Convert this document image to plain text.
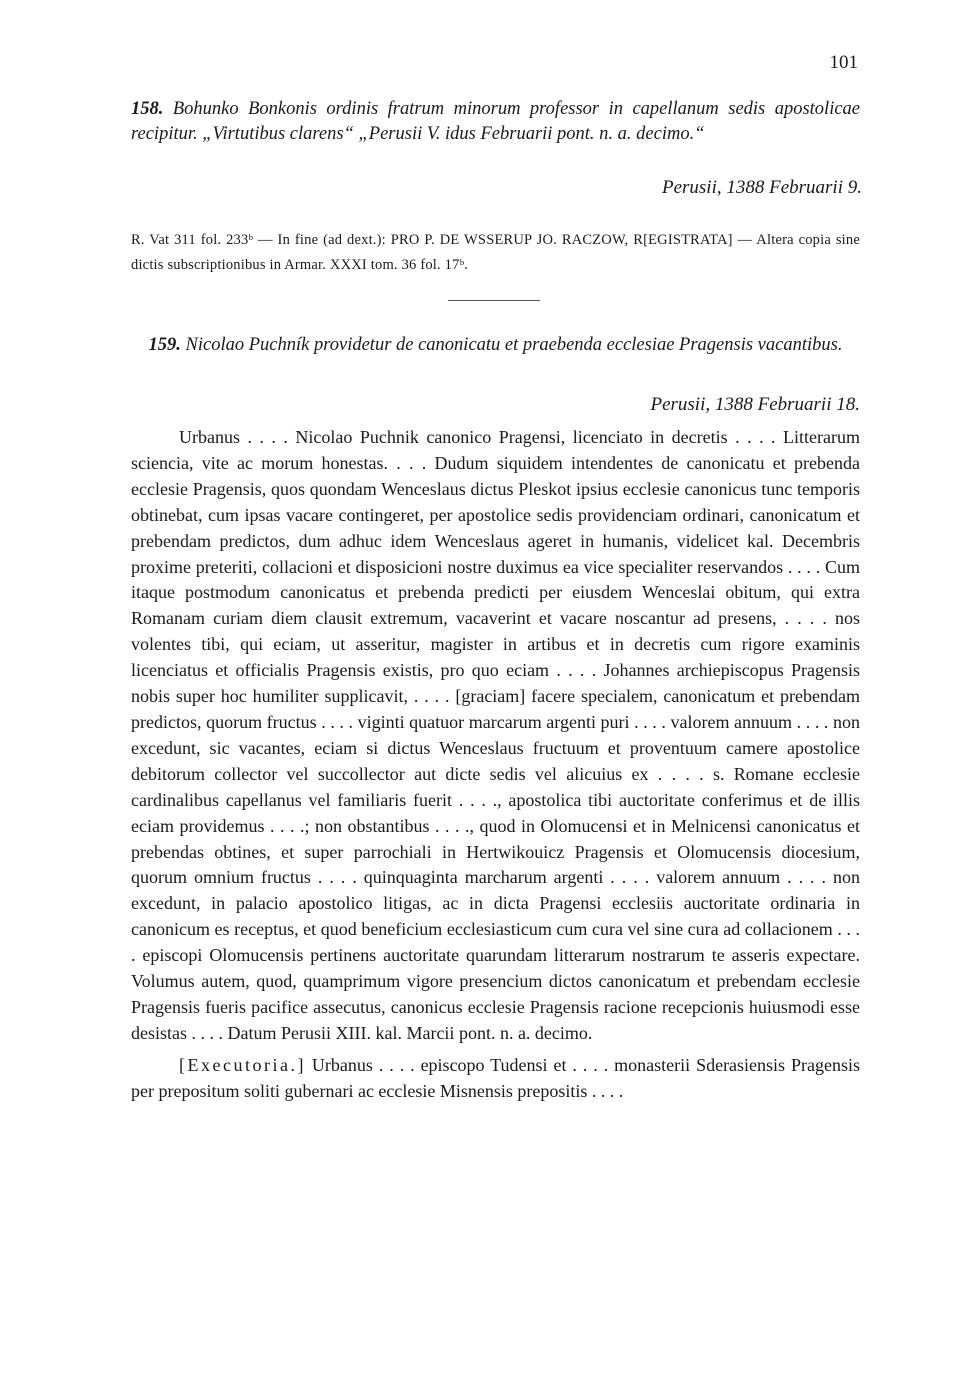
101
158. Bohunko Bonkonis ordinis fratrum minorum professor in capellanum sedis apostolicae recipitur. „Virtutibus clarens“ „Perusii V. idus Februarii pont. n. a. decimo.“
Perusii, 1388 Februarii 9.
R. Vat 311 fol. 233ᵇ — In fine (ad dext.): PRO P. DE WSSERUP JO. RACZOW, R[EGISTRATA] — Altera copia sine dictis subscriptionibus in Armar. XXXI tom. 36 fol. 17ᵇ.
159. Nicolao Puchník providetur de canonicatu et praebenda ecclesiae Pragensis vacantibus.
Perusii, 1388 Februarii 18.

Urbanus . . . . Nicolao Puchnik canonico Pragensi, licenciato in decretis . . . . Litterarum sciencia, vite ac morum honestas. . . . Dudum siquidem intendentes de canonicatu et prebenda ecclesie Pragensis, quos quondam Wenceslaus dictus Pleskot ipsius ecclesie canonicus tunc temporis obtinebat, cum ipsas vacare contingeret, per apostolice sedis providenciam ordinari, canonicatum et prebendam predictos, dum adhuc idem Wenceslaus ageret in humanis, videlicet kal. Decembris proxime preteriti, collacioni et disposicioni nostre duximus ea vice specialiter reservandos . . . . Cum itaque postmodum canonicatus et prebenda predicti per eiusdem Wenceslai obitum, qui extra Romanam curiam diem clausit extremum, vacaverint et vacare noscantur ad presens, . . . . nos volentes tibi, qui eciam, ut asseritur, magister in artibus et in decretis cum rigore examinis licenciatus et officialis Pragensis existis, pro quo eciam . . . . Johannes archiepiscopus Pragensis nobis super hoc humiliter supplicavit, . . . . [graciam] facere specialem, canonicatum et prebendam predictos, quorum fructus . . . . viginti quatuor marcarum argenti puri . . . . valorem annuum . . . . non excedunt, sic vacantes, eciam si dictus Wenceslaus fructuum et proventuum camere apostolice debitorum collector vel succollector aut dicte sedis vel alicuius ex . . . . s. Romane ecclesie cardinalibus capellanus vel familiaris fuerit . . . ., apostolica tibi auctoritate conferimus et de illis eciam providemus . . . .; non obstantibus . . . ., quod in Olomucensi et in Melnicensi canonicatus et prebendas obtines, et super parrochiali in Hertwikouicz Pragensis et Olomucensis diocesium, quorum omnium fructus . . . . quinquaginta marcharum argenti . . . . valorem annuum . . . . non excedunt, in palacio apostolico litigas, ac in dicta Pragensi ecclesiis auctoritate ordinaria in canonicum es receptus, et quod beneficium ecclesiasticum cum cura vel sine cura ad collacionem . . . . episcopi Olomucensis pertinens auctoritate quarundam litterarum nostrarum te asseris expectare. Volumus autem, quod, quamprimum vigore presencium dictos canonicatum et prebendam ecclesie Pragensis fueris pacifice assecutus, canonicus ecclesie Pragensis racione recepcionis huiusmodi esse desistas . . . . Datum Perusii XIII. kal. Marcii pont. n. a. decimo.

[Executoria.] Urbanus . . . . episcopo Tudensi et . . . . monasterii Sderasiensis Pragensis per prepositum soliti gubernari ac ecclesie Misnensis prepositis . . . .
